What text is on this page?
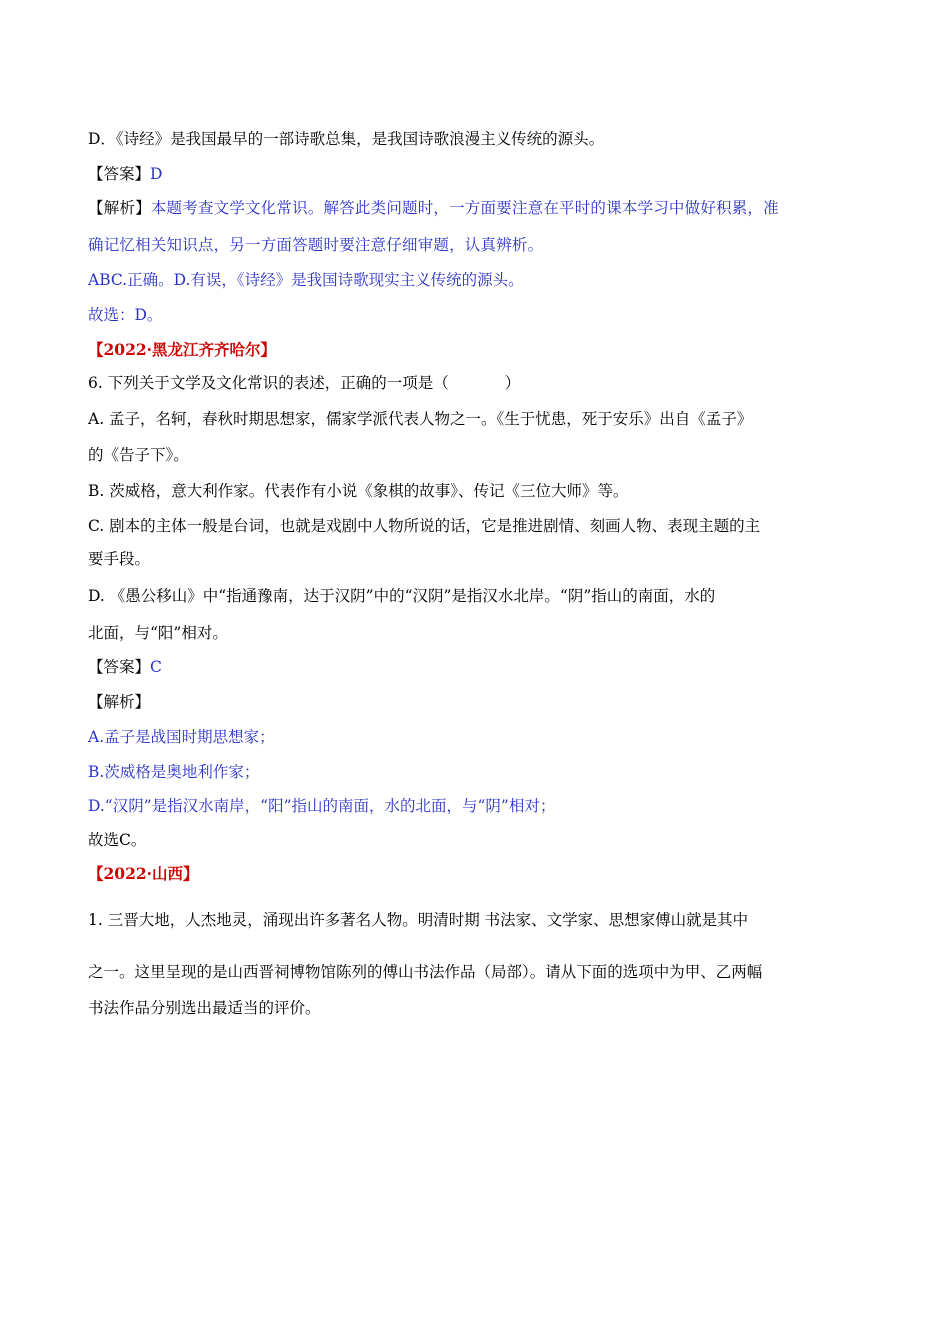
D．《诗经》是我国最早的一部诗歌总集，是我国诗歌浪漫主义传统的源头。
【答案】D
【解析】本题考查文学文化常识。解答此类问题时，一方面要注意在平时的课本学习中做好积累，准
确记忆相关知识点，另一方面答题时要注意仔细审题，认真辨析。
ABC.正确。D.有误，《诗经》是我国诗歌现实主义传统的源头。
故选：D。
【2022·黑龙江齐齐哈尔】
6. 下列关于文学及文化常识的表述，正确的一项是（	）
A. 孟子，名轲，春秋时期思想家，儒家学派代表人物之一。《生于忧患，死于安乐》出自《孟子》
的《告子下》。
B. 茨威格，意大利作家。代表作有小说《象棋的故事》、传记《三位大师》等。
C. 剧本的主体一般是台词，也就是戏剧中人物所说的话，它是推进剧情、刻画人物、表现主题的主
要手段。
D. 《愚公移山》中“指通豫南，达于汉阴”中的“汉阴”是指汉水北岸。“阴”指山的南面，水的
北面，与“阳”相对。
【答案】C
【解析】
A.孟子是战国时期思想家；
B.茨威格是奥地利作家；
D.“汉阴”是指汉水南岸，“阳”指山的南面，水的北面，与“阴”相对；
故选C。
【2022·山西】
1. 三晋大地，人杰地灵，涌现出许多著名人物。明清时期 书法家、文学家、思想家傅山就是其中
之一。这里呈现的是山西晋祠博物馆陈列的傅山书法作品（局部）。请从下面的选项中为甲、乙两幅
书法作品分别选出最适当的评价。
